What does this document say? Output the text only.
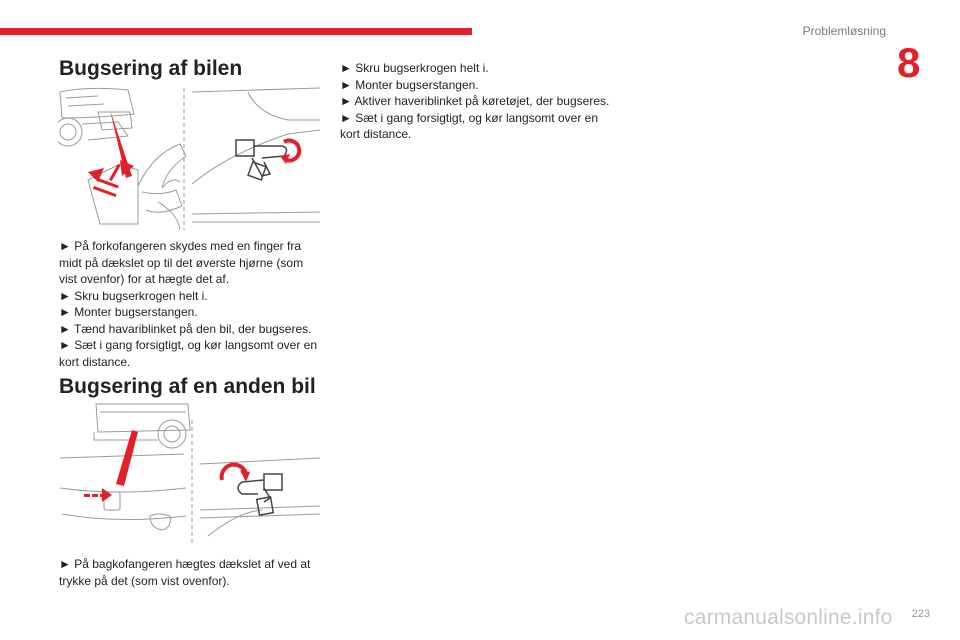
Problemløsning
8
Bugsering af bilen

► På forkofangeren skydes med en finger fra midt på dækslet op til det øverste hjørne (som vist ovenfor) for at hægte det af.

► Skru bugserkrogen helt i.

► Monter bugserstangen.

► Tænd havariblinket på den bil, der bugseres.

► Sæt i gang forsigtigt, og kør langsomt over en kort distance.

Bugsering af en anden bil

► På bagkofangeren hægtes dækslet af ved at trykke på det (som vist ovenfor).

► Skru bugserkrogen helt i.

► Monter bugserstangen.

► Aktiver haveriblinket på køretøjet, der bugseres.

► Sæt i gang forsigtigt, og kør langsomt over en kort distance.

carmanualsonline.info 223
